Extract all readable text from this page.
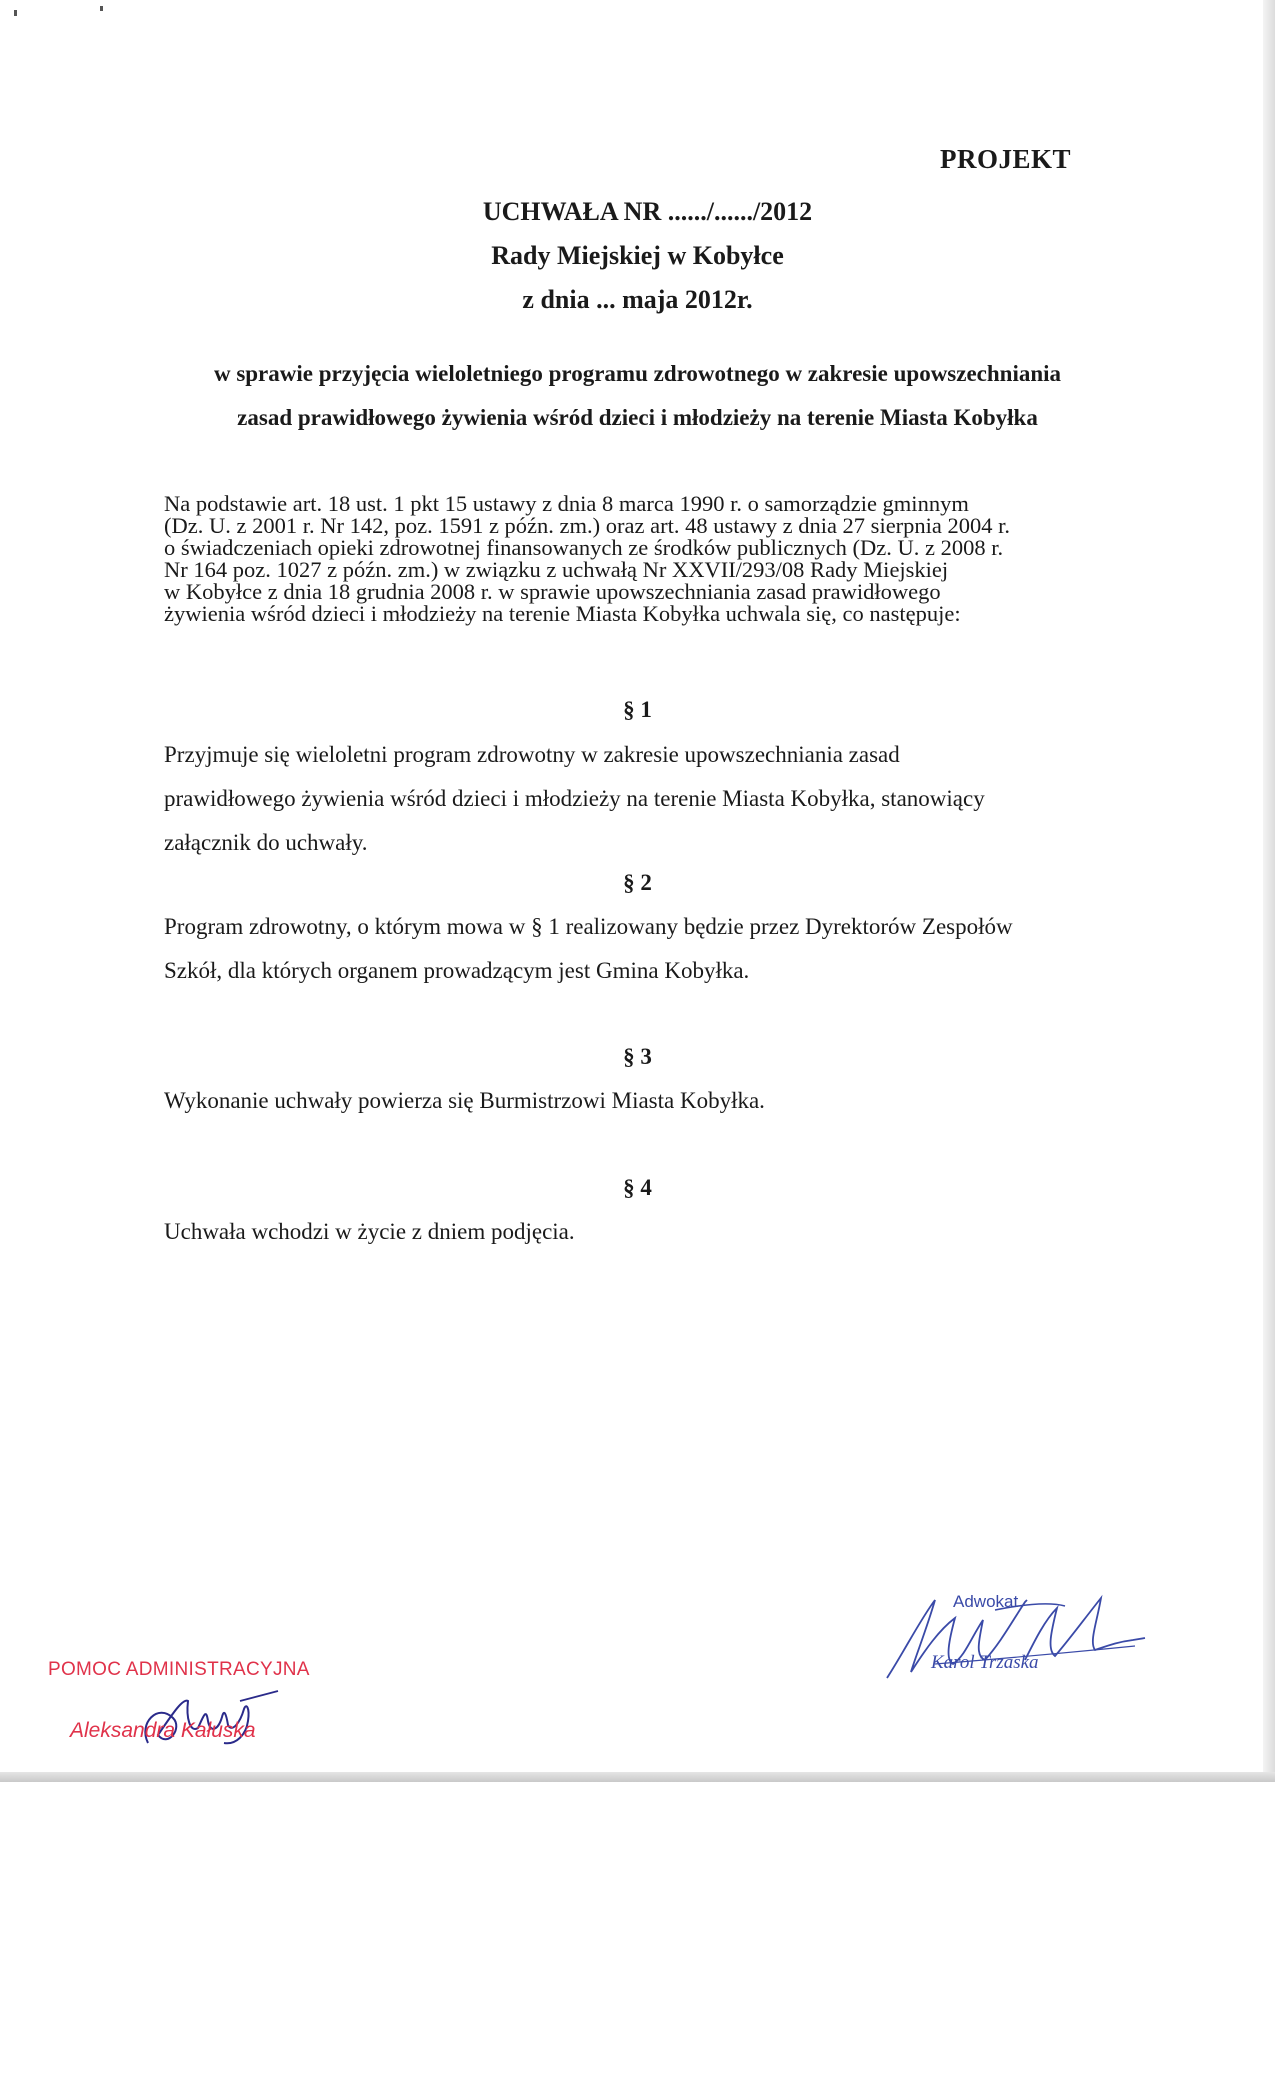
PROJEKT
UCHWAŁA NR ....../....../2012
Rady Miejskiej w Kobyłce
z dnia ... maja 2012r.
w sprawie przyjęcia wieloletniego programu zdrowotnego w zakresie upowszechniania
zasad prawidłowego żywienia wśród dzieci i młodzieży na terenie Miasta Kobyłka
Na podstawie art. 18 ust. 1 pkt 15 ustawy z dnia 8 marca 1990 r. o samorządzie gminnym
(Dz. U. z 2001 r. Nr 142, poz. 1591 z późn. zm.) oraz art. 48 ustawy z dnia 27 sierpnia 2004 r.
o świadczeniach opieki zdrowotnej finansowanych ze środków publicznych (Dz. U. z 2008 r.
Nr 164 poz. 1027 z późn. zm.) w związku z uchwałą Nr XXVII/293/08 Rady Miejskiej
w Kobyłce z dnia 18 grudnia 2008 r. w sprawie upowszechniania zasad prawidłowego
żywienia wśród dzieci i młodzieży na terenie Miasta Kobyłka uchwala się, co następuje:
§ 1
Przyjmuje się wieloletni program zdrowotny w zakresie upowszechniania zasad
prawidłowego żywienia wśród dzieci i młodzieży na terenie Miasta Kobyłka, stanowiący
załącznik do uchwały.
§ 2
Program zdrowotny, o którym mowa w § 1 realizowany będzie przez Dyrektorów Zespołów
Szkół, dla których organem prowadzącym jest Gmina Kobyłka.
§ 3
Wykonanie uchwały powierza się Burmistrzowi Miasta Kobyłka.
§ 4
Uchwała wchodzi w życie z dniem podjęcia.
POMOC ADMINISTRACYJNA
Aleksandra Kałuska
Adwokat
Karol Trzaska
